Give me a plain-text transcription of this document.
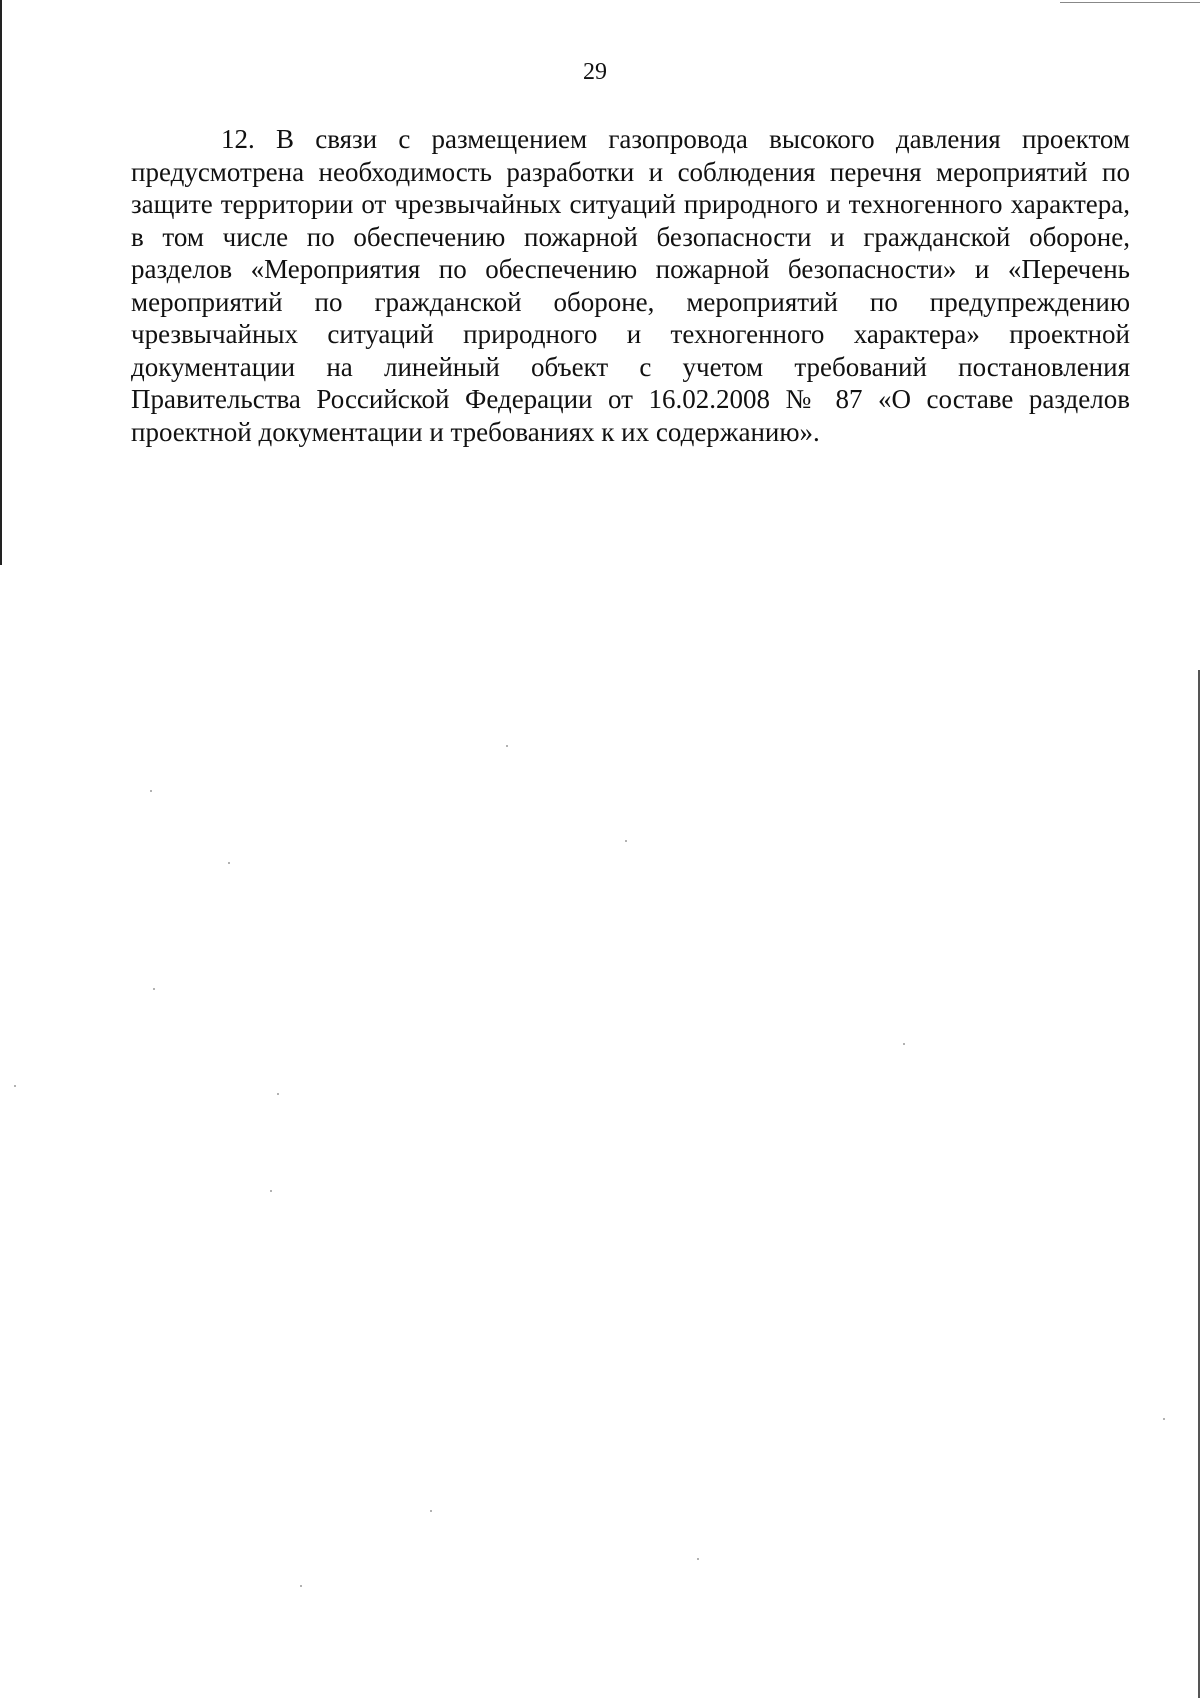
29

12. В связи с размещением газопровода высокого давления проектом предусмотрена необходимость разработки и соблюдения перечня мероприятий по защите территории от чрезвычайных ситуаций природного и техногенного характера, в том числе по обеспечению пожарной безопасности и гражданской обороне, разделов «Мероприятия по обеспечению пожарной безопасности» и «Перечень мероприятий по гражданской обороне, мероприятий по предупреждению чрезвычайных ситуаций природного и техногенного характера» проектной документации на линейный объект с учетом требований постановления Правительства Российской Федерации от 16.02.2008 № 87 «О составе разделов проектной документации и требованиях к их содержанию».
